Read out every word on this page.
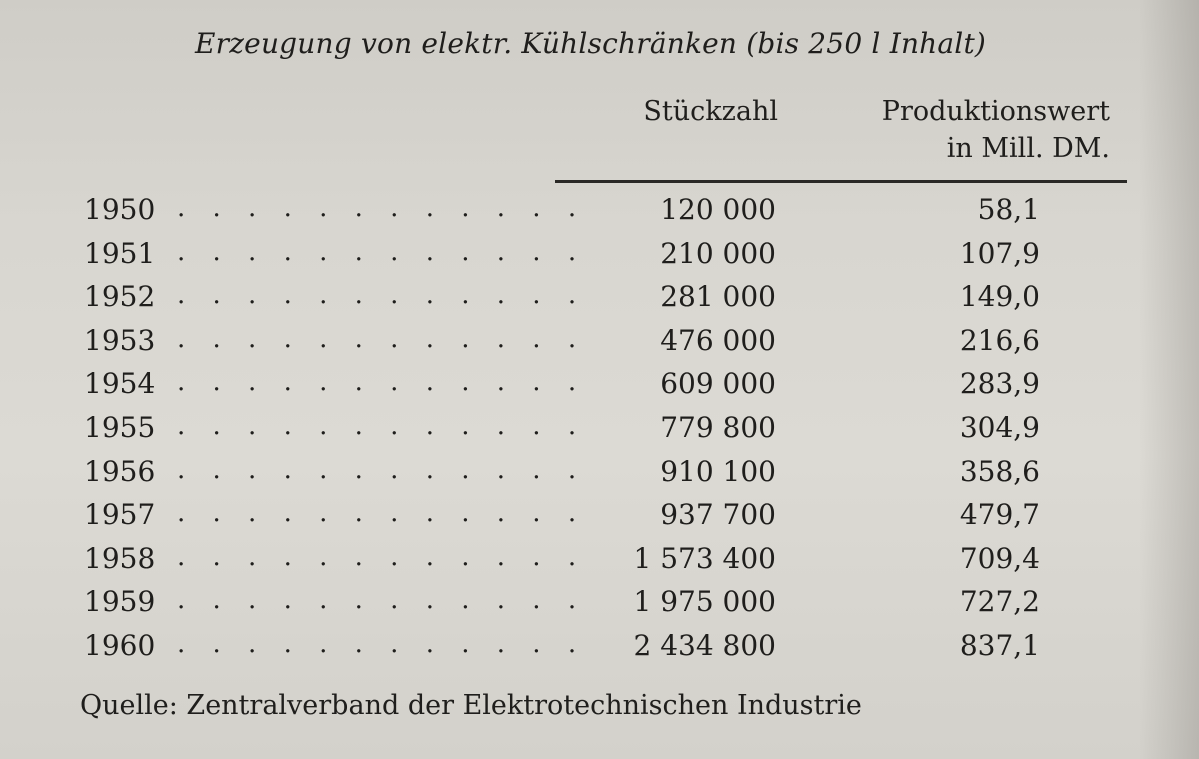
Erzeugung von elektr. Kühlschränken (bis 250 l Inhalt)
Stückzahl	Produktionswert
in Mill. DM.
1950 . . . . . . . . . . . .	120 000	58,1
1951 . . . . . . . . . . . .	210 000	107,9
1952 . . . . . . . . . . . .	281 000	149,0
1953 . . . . . . . . . . . .	476 000	216,6
1954 . . . . . . . . . . . .	609 000	283,9
1955 . . . . . . . . . . . .	779 800	304,9
1956 . . . . . . . . . . . .	910 100	358,6
1957 . . . . . . . . . . . .	937 700	479,7
1958 . . . . . . . . . . . .	1 573 400	709,4
1959 . . . . . . . . . . . .	1 975 000	727,2
1960 . . . . . . . . . . . .	2 434 800	837,1
Quelle: Zentralverband der Elektrotechnischen Industrie
